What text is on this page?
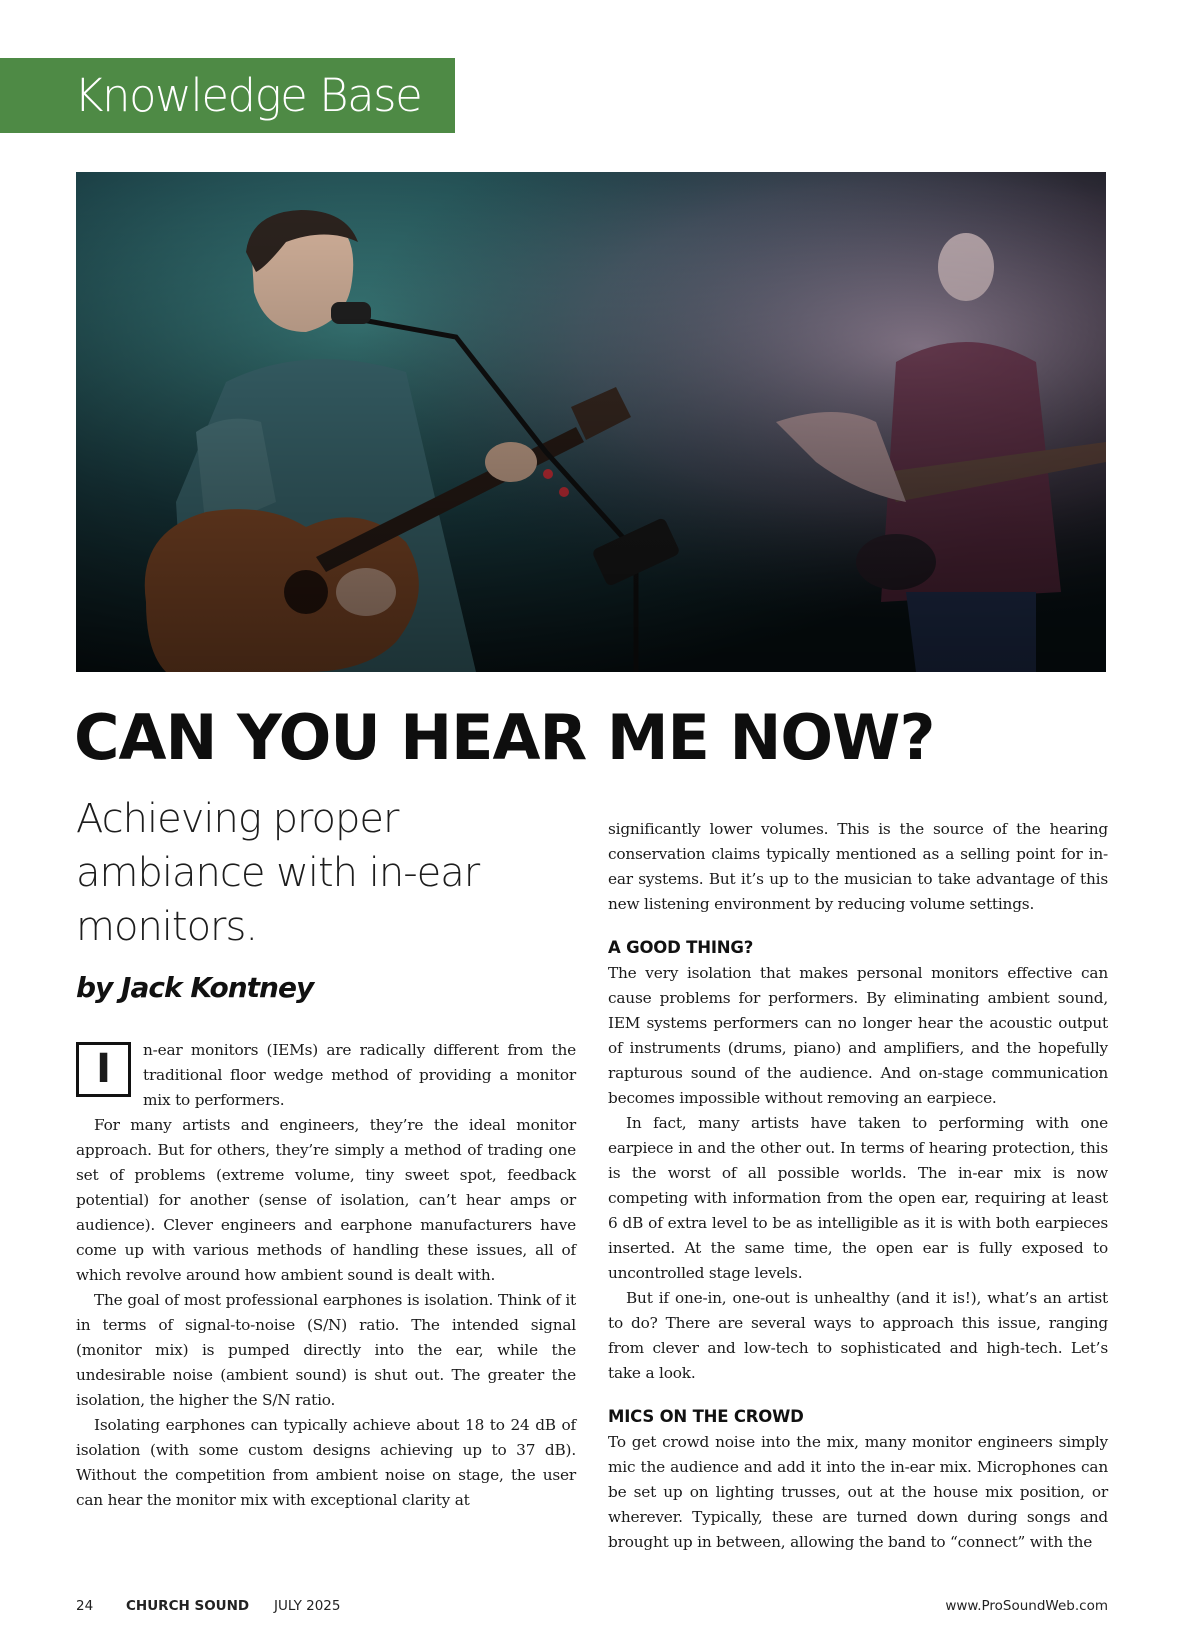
Knowledge Base
CAN YOU HEAR ME NOW?
Achieving proper ambiance with in-ear monitors.
by Jack Kontney

I	n-ear monitors (IEMs) are radically different from the traditional floor wedge method of providing a monitor mix to performers.

For many artists and engineers, they’re the ideal monitor approach. But for others, they’re simply a method of trading one set of problems (extreme volume, tiny sweet spot, feedback potential) for another (sense of isolation, can’t hear amps or audience). Clever engineers and earphone manufacturers have come up with various methods of handling these issues, all of which revolve around how ambient sound is dealt with.

The goal of most professional earphones is isolation. Think of it in terms of signal-to-noise (S/N) ratio. The intended signal (monitor mix) is pumped directly into the ear, while the undesirable noise (ambient sound) is shut out. The greater the isolation, the higher the S/N ratio.

Isolating earphones can typically achieve about 18 to 24 dB of isolation (with some custom designs achieving up to 37 dB). Without the competition from ambient noise on stage, the user can hear the monitor mix with exceptional clarity at

significantly lower volumes. This is the source of the hearing conservation claims typically mentioned as a selling point for in-ear systems. But it’s up to the musician to take advantage of this new listening environment by reducing volume settings.

A GOOD THING?

The very isolation that makes personal monitors effective can cause problems for performers. By eliminating ambient sound, IEM systems performers can no longer hear the acoustic output of instruments (drums, piano) and amplifiers, and the hopefully rapturous sound of the audience. And on-stage communication becomes impossible without removing an earpiece.

In fact, many artists have taken to performing with one earpiece in and the other out. In terms of hearing protection, this is the worst of all possible worlds. The in-ear mix is now competing with information from the open ear, requiring at least 6 dB of extra level to be as intelligible as it is with both earpieces inserted. At the same time, the open ear is fully exposed to uncontrolled stage levels.

But if one-in, one-out is unhealthy (and it is!), what’s an artist to do? There are several ways to approach this issue, ranging from clever and low-tech to sophisticated and high-tech. Let’s take a look.

MICS ON THE CROWD

To get crowd noise into the mix, many monitor engineers simply mic the audience and add it into the in-ear mix. Microphones can be set up on lighting trusses, out at the house mix position, or wherever. Typically, these are turned down during songs and brought up in between, allowing the band to “connect” with the

24 CHURCH SOUND JULY 2025	www.ProSoundWeb.com
